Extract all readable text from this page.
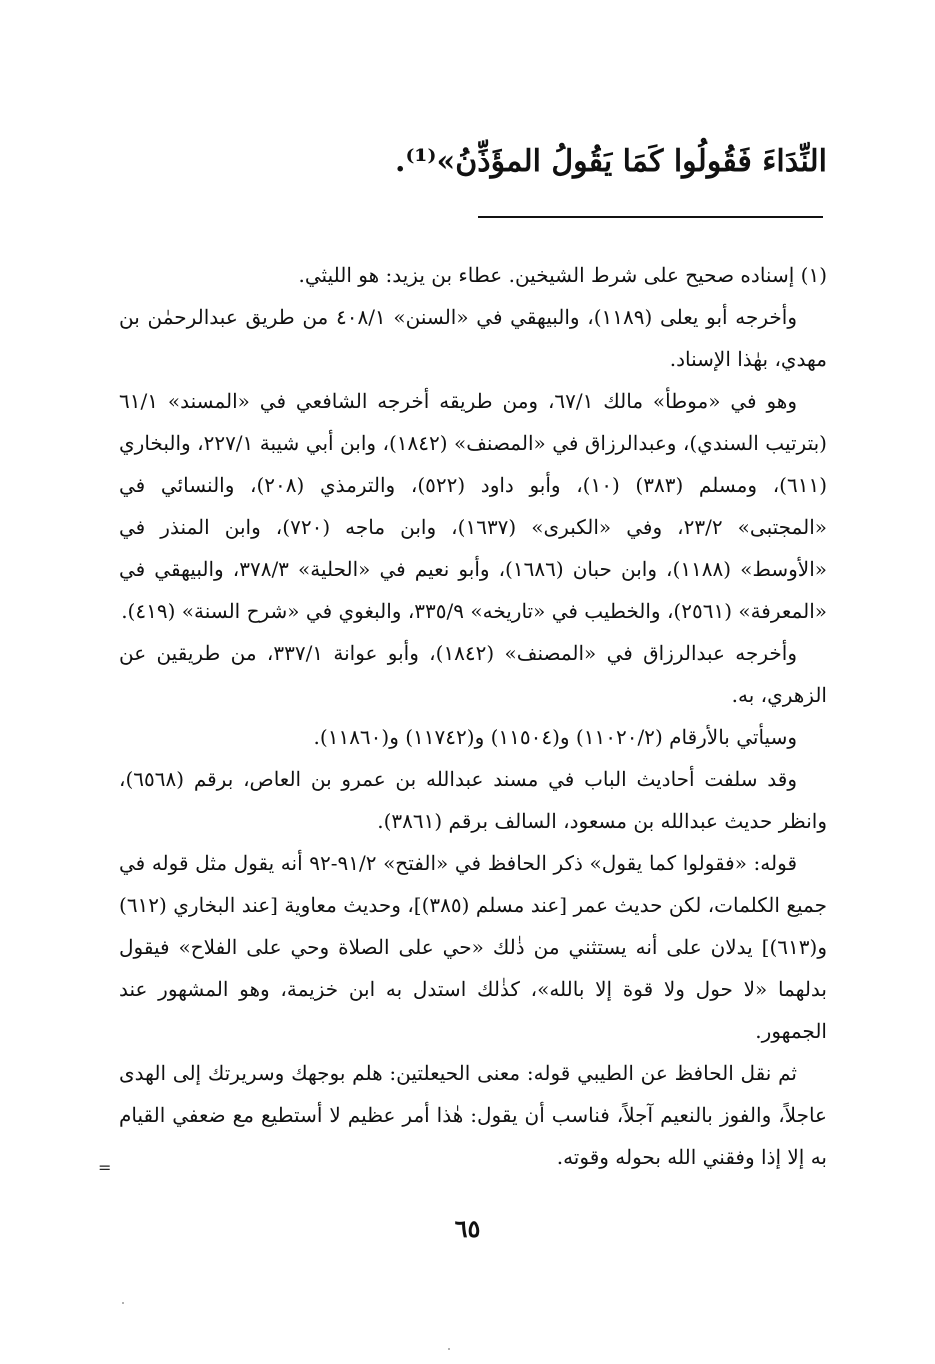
النِّدَاءَ فَقُولُوا كَمَا يَقُولُ المؤَذِّنُ»⁽¹⁾.

(١) إسناده صحيح على شرط الشيخين. عطاء بن يزيد: هو الليثي.

وأخرجه أبو يعلى (١١٨٩)، والبيهقي في «السنن» ٤٠٨/١ من طريق عبدالرحمٰن بن مهدي، بهٰذا الإسناد.

وهو في «موطأ» مالك ٦٧/١، ومن طريقه أخرجه الشافعي في «المسند» ٦١/١ (بترتيب السندي)، وعبدالرزاق في «المصنف» (١٨٤٢)، وابن أبي شيبة ٢٢٧/١، والبخاري (٦١١)، ومسلم (٣٨٣) (١٠)، وأبو داود (٥٢٢)، والترمذي (٢٠٨)، والنسائي في «المجتبى» ٢٣/٢، وفي «الكبرى» (١٦٣٧)، وابن ماجه (٧٢٠)، وابن المنذر في «الأوسط» (١١٨٨)، وابن حبان (١٦٨٦)، وأبو نعيم في «الحلية» ٣٧٨/٣، والبيهقي في «المعرفة» (٢٥٦١)، والخطيب في «تاريخه» ٣٣٥/٩، والبغوي في «شرح السنة» (٤١٩).

وأخرجه عبدالرزاق في «المصنف» (١٨٤٢)، وأبو عوانة ٣٣٧/١، من طريقين عن الزهري، به.

وسيأتي بالأرقام (١١٠٢٠/٢) و(١١٥٠٤) و(١١٧٤٢) و(١١٨٦٠).

وقد سلفت أحاديث الباب في مسند عبدالله بن عمرو بن العاص، برقم (٦٥٦٨)، وانظر حديث عبدالله بن مسعود، السالف برقم (٣٨٦١).

قوله: «فقولوا كما يقول» ذكر الحافظ في «الفتح» ٩١/٢-٩٢ أنه يقول مثل قوله في جميع الكلمات، لكن حديث عمر [عند مسلم (٣٨٥)]، وحديث معاوية [عند البخاري (٦١٢) و(٦١٣)] يدلان على أنه يستثني من ذٰلك «حي على الصلاة وحي على الفلاح» فيقول بدلهما «لا حول ولا قوة إلا بالله»، كذٰلك استدل به ابن خزيمة، وهو المشهور عند الجمهور.

ثم نقل الحافظ عن الطيبي قوله: معنى الحيعلتين: هلم بوجهك وسريرتك إلى الهدى عاجلاً، والفوز بالنعيم آجلاً، فناسب أن يقول: هٰذا أمر عظيم لا أستطيع مع ضعفي القيام به إلا إذا وفقني الله بحوله وقوته.

=
٦٥
